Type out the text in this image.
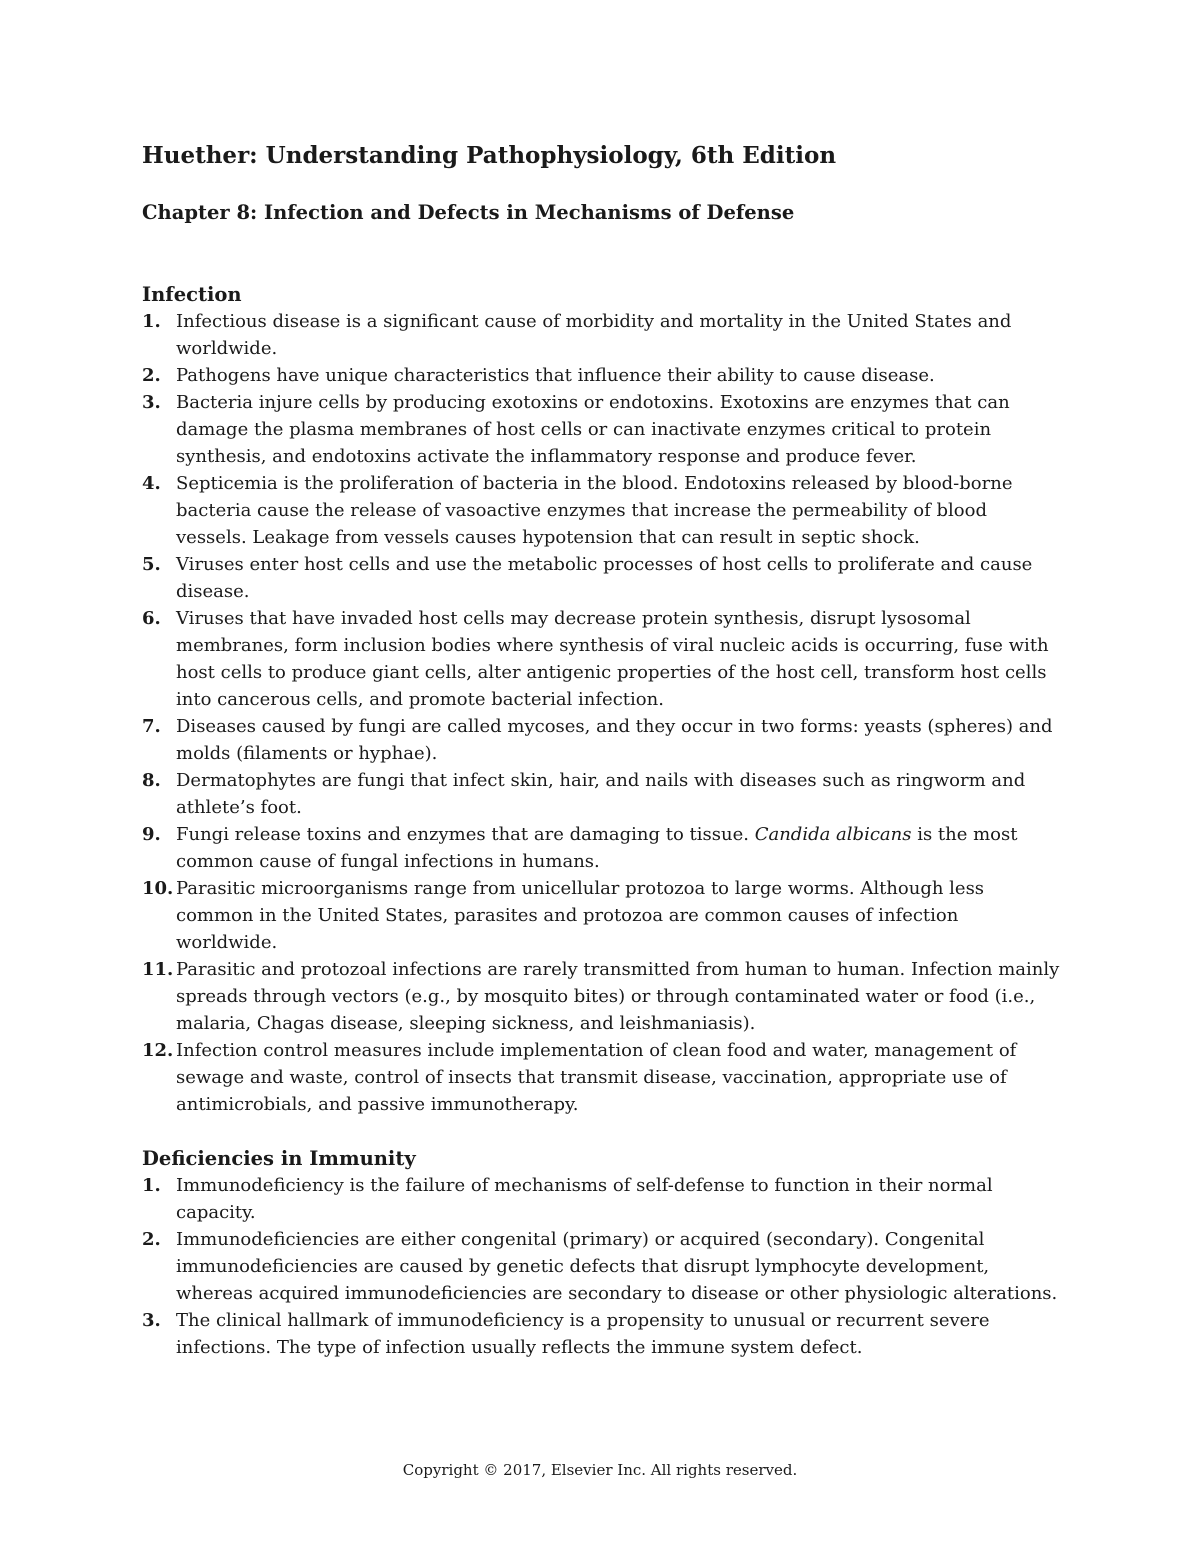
Huether: Understanding Pathophysiology, 6th Edition
Chapter 8: Infection and Defects in Mechanisms of Defense
Infection
1. Infectious disease is a significant cause of morbidity and mortality in the United States and worldwide.
2. Pathogens have unique characteristics that influence their ability to cause disease.
3. Bacteria injure cells by producing exotoxins or endotoxins. Exotoxins are enzymes that can damage the plasma membranes of host cells or can inactivate enzymes critical to protein synthesis, and endotoxins activate the inflammatory response and produce fever.
4. Septicemia is the proliferation of bacteria in the blood. Endotoxins released by blood-borne bacteria cause the release of vasoactive enzymes that increase the permeability of blood vessels. Leakage from vessels causes hypotension that can result in septic shock.
5. Viruses enter host cells and use the metabolic processes of host cells to proliferate and cause disease.
6. Viruses that have invaded host cells may decrease protein synthesis, disrupt lysosomal membranes, form inclusion bodies where synthesis of viral nucleic acids is occurring, fuse with host cells to produce giant cells, alter antigenic properties of the host cell, transform host cells into cancerous cells, and promote bacterial infection.
7. Diseases caused by fungi are called mycoses, and they occur in two forms: yeasts (spheres) and molds (filaments or hyphae).
8. Dermatophytes are fungi that infect skin, hair, and nails with diseases such as ringworm and athlete’s foot.
9. Fungi release toxins and enzymes that are damaging to tissue. Candida albicans is the most common cause of fungal infections in humans.
10. Parasitic microorganisms range from unicellular protozoa to large worms. Although less common in the United States, parasites and protozoa are common causes of infection worldwide.
11. Parasitic and protozoal infections are rarely transmitted from human to human. Infection mainly spreads through vectors (e.g., by mosquito bites) or through contaminated water or food (i.e., malaria, Chagas disease, sleeping sickness, and leishmaniasis).
12. Infection control measures include implementation of clean food and water, management of sewage and waste, control of insects that transmit disease, vaccination, appropriate use of antimicrobials, and passive immunotherapy.
Deficiencies in Immunity
1. Immunodeficiency is the failure of mechanisms of self-defense to function in their normal capacity.
2. Immunodeficiencies are either congenital (primary) or acquired (secondary). Congenital immunodeficiencies are caused by genetic defects that disrupt lymphocyte development, whereas acquired immunodeficiencies are secondary to disease or other physiologic alterations.
3. The clinical hallmark of immunodeficiency is a propensity to unusual or recurrent severe infections. The type of infection usually reflects the immune system defect.
Copyright © 2017, Elsevier Inc. All rights reserved.
